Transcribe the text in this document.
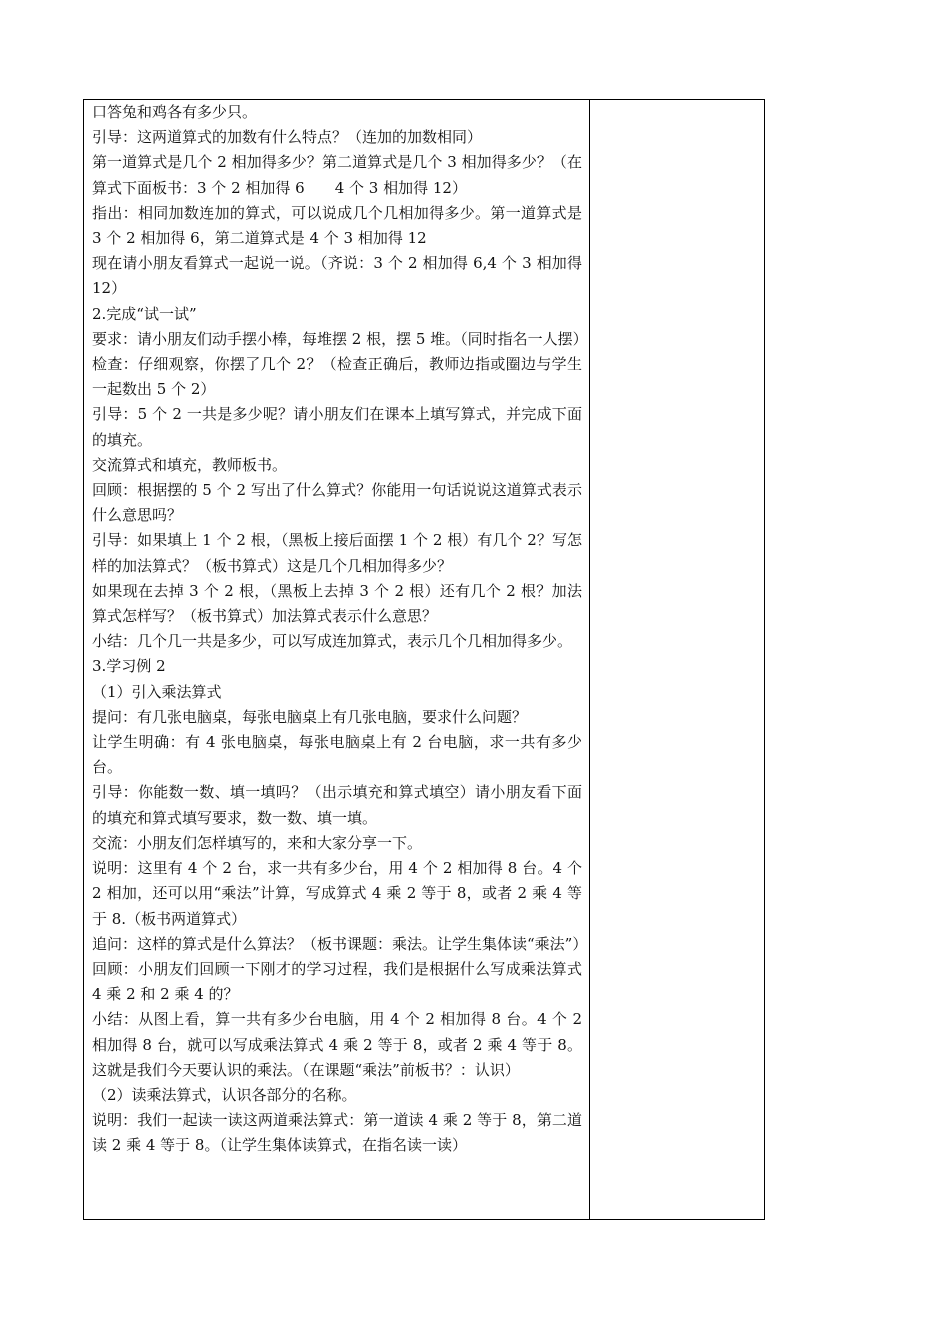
口答兔和鸡各有多少只。

引导：这两道算式的加数有什么特点？（连加的加数相同）

第一道算式是几个 2 相加得多少？第二道算式是几个 3 相加得多少？（在算式下面板书：3 个 2 相加得 6　　4 个 3 相加得 12）

指出：相同加数连加的算式，可以说成几个几相加得多少。第一道算式是 3 个 2 相加得 6，第二道算式是 4 个 3 相加得 12

现在请小朋友看算式一起说一说。（齐说：3 个 2 相加得 6,4 个 3 相加得 12）

2.完成“试一试”

要求：请小朋友们动手摆小棒，每堆摆 2 根，摆 5 堆。（同时指名一人摆）

检查：仔细观察，你摆了几个 2？（检查正确后，教师边指或圈边与学生一起数出 5 个 2）

引导：5 个 2 一共是多少呢？请小朋友们在课本上填写算式，并完成下面的填充。

交流算式和填充，教师板书。

回顾：根据摆的 5 个 2 写出了什么算式？你能用一句话说说这道算式表示什么意思吗？

引导：如果填上 1 个 2 根，（黑板上接后面摆 1 个 2 根）有几个 2？写怎样的加法算式？（板书算式）这是几个几相加得多少？

如果现在去掉 3 个 2 根，（黑板上去掉 3 个 2 根）还有几个 2 根？加法算式怎样写？（板书算式）加法算式表示什么意思？

小结：几个几一共是多少，可以写成连加算式，表示几个几相加得多少。

3.学习例 2

（1）引入乘法算式

提问：有几张电脑桌，每张电脑桌上有几张电脑，要求什么问题？

让学生明确：有 4 张电脑桌，每张电脑桌上有 2 台电脑，求一共有多少台。

引导：你能数一数、填一填吗？（出示填充和算式填空）请小朋友看下面的填充和算式填写要求，数一数、填一填。

交流：小朋友们怎样填写的，来和大家分享一下。

说明：这里有 4 个 2 台，求一共有多少台，用 4 个 2 相加得 8 台。4 个 2 相加，还可以用“乘法”计算，写成算式 4 乘 2 等于 8，或者 2 乘 4 等于 8.（板书两道算式）

追问：这样的算式是什么算法？（板书课题：乘法。让学生集体读“乘法”）

回顾：小朋友们回顾一下刚才的学习过程，我们是根据什么写成乘法算式 4 乘 2 和 2 乘 4 的？

小结：从图上看，算一共有多少台电脑，用 4 个 2 相加得 8 台。4 个 2 相加得 8 台，就可以写成乘法算式 4 乘 2 等于 8，或者 2 乘 4 等于 8。这就是我们今天要认识的乘法。（在课题“乘法”前板书？：认识）

（2）读乘法算式，认识各部分的名称。

说明：我们一起读一读这两道乘法算式：第一道读 4 乘 2 等于 8，第二道读 2 乘 4 等于 8。（让学生集体读算式，在指名读一读）
